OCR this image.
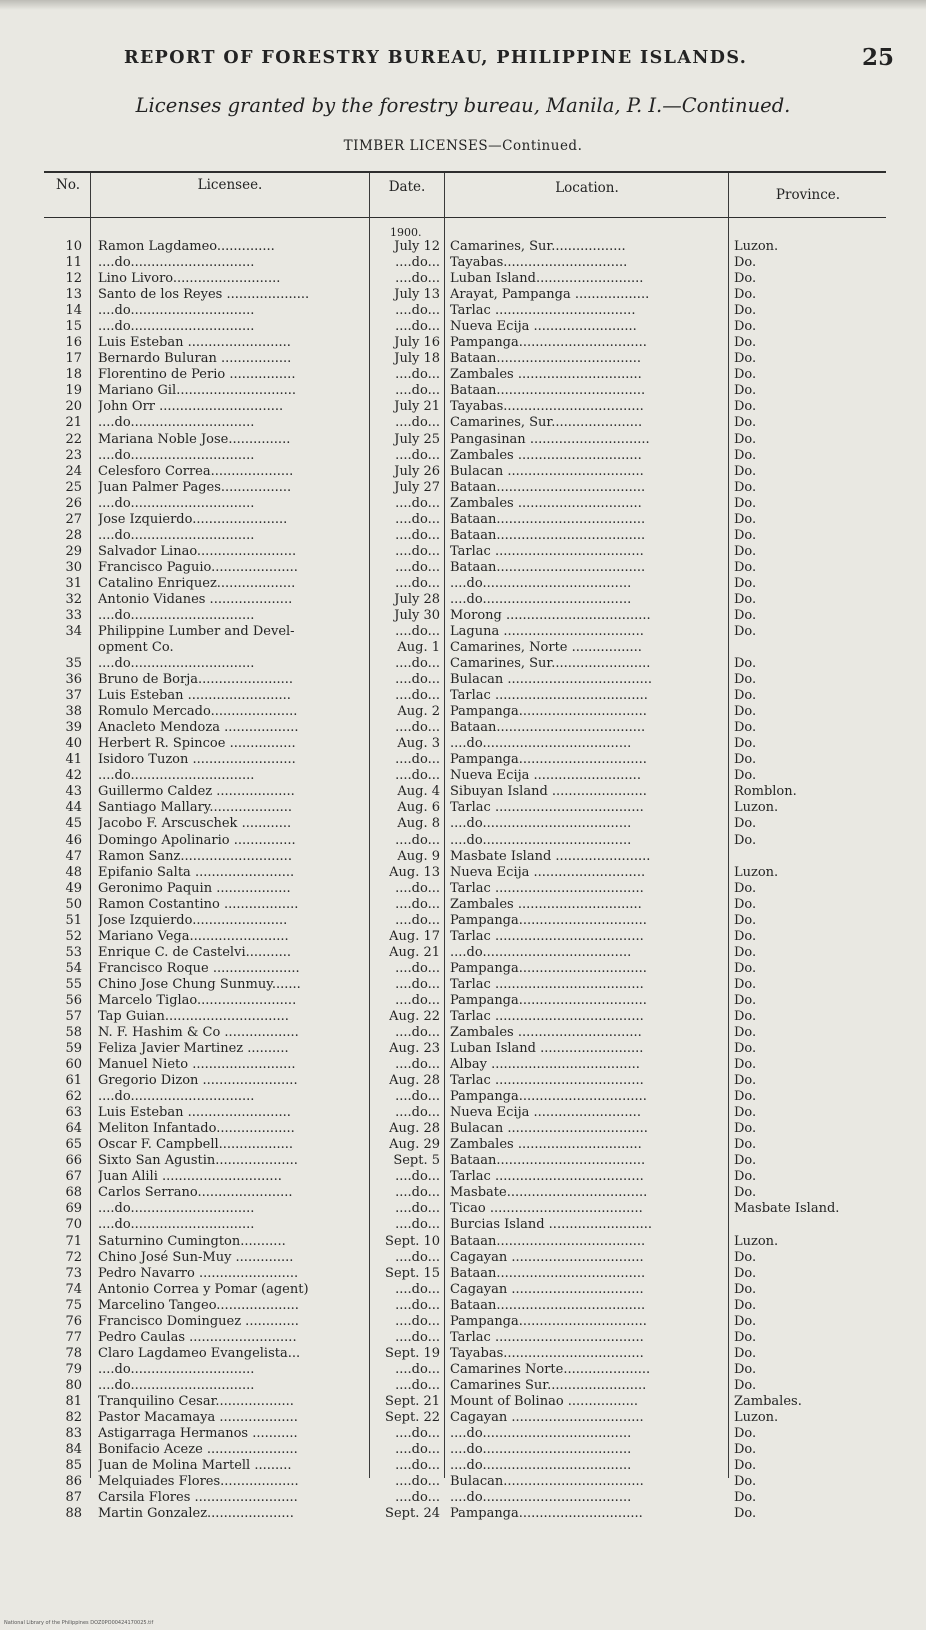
REPORT OF FORESTRY BUREAU, PHILIPPINE ISLANDS.	25
Licenses granted by the forestry bureau, Manila, P. I.—Continued.
TIMBER LICENSES—Continued.
No.	Licensee.	Date.	Location.	Province.
1900.
10 Ramon Lagdameo..............	July 12 Camarines, Sur..................	Luzon.
11 ....do..............................	....do... Tayabas..............................	Do.
12 Lino Livoro..........................	....do... Luban Island..........................	Do.
13 Santo de los Reyes ....................	July 13 Arayat, Pampanga ..................	Do.
14 ....do..............................	....do... Tarlac ..................................	Do.
15 ....do..............................	....do... Nueva Ecija .........................	Do.
16 Luis Esteban .........................	July 16 Pampanga...............................	Do.
17 Bernardo Buluran .................	July 18 Bataan...................................	Do.
18 Florentino de Perio ................	....do... Zambales ..............................	Do.
19 Mariano Gil.............................	....do... Bataan....................................	Do.
20 John Orr ..............................	July 21 Tayabas..................................	Do.
21 ....do..............................	....do... Camarines, Sur......................	Do.
22 Mariana Noble Jose...............	July 25 Pangasinan .............................	Do.
23 ....do..............................	....do... Zambales ..............................	Do.
24 Celesforo Correa....................	July 26 Bulacan .................................	Do.
25 Juan Palmer Pages.................	July 27 Bataan....................................	Do.
26 ....do..............................	....do... Zambales ..............................	Do.
27 Jose Izquierdo.......................	....do... Bataan....................................	Do.
28 ....do..............................	....do... Bataan....................................	Do.
29 Salvador Linao........................	....do... Tarlac ....................................	Do.
30 Francisco Paguio.....................	....do... Bataan....................................	Do.
31 Catalino Enriquez...................	....do... ....do....................................	Do.
32 Antonio Vidanes ....................	July 28 ....do....................................	Do.
33 ....do..............................	July 30 Morong ...................................	Do.
34 Philippine Lumber and Devel-	....do... Laguna ..................................	Do.
opment Co.	Aug. 1 Camarines, Norte .................
35 ....do..............................	....do... Camarines, Sur........................	Do.
36 Bruno de Borja.......................	....do... Bulacan ...................................	Do.
37 Luis Esteban .........................	....do... Tarlac .....................................	Do.
38 Romulo Mercado.....................	Aug. 2 Pampanga...............................	Do.
39 Anacleto Mendoza ..................	....do... Bataan....................................	Do.
40 Herbert R. Spincoe ................	Aug. 3 ....do....................................	Do.
41 Isidoro Tuzon .........................	....do... Pampanga...............................	Do.
42 ....do..............................	....do... Nueva Ecija ..........................	Do.
43 Guillermo Caldez ...................	Aug. 4 Sibuyan Island .......................	Romblon.
44 Santiago Mallary....................	Aug. 6 Tarlac ....................................	Luzon.
45 Jacobo F. Arscuschek ............	Aug. 8 ....do....................................	Do.
46 Domingo Apolinario ...............	....do... ....do....................................	Do.
47 Ramon Sanz...........................	Aug. 9 Masbate Island .......................
48 Epifanio Salta ........................	Aug. 13 Nueva Ecija ...........................	Luzon.
49 Geronimo Paquin ..................	....do... Tarlac ....................................	Do.
50 Ramon Costantino ..................	....do... Zambales ..............................	Do.
51 Jose Izquierdo.......................	....do... Pampanga...............................	Do.
52 Mariano Vega........................	Aug. 17 Tarlac ....................................	Do.
53 Enrique C. de Castelvi...........	Aug. 21 ....do....................................	Do.
54 Francisco Roque .....................	....do... Pampanga...............................	Do.
55 Chino Jose Chung Sunmuy.......	....do... Tarlac ....................................	Do.
56 Marcelo Tiglao........................	....do... Pampanga...............................	Do.
57 Tap Guian..............................	Aug. 22 Tarlac ....................................	Do.
58 N. F. Hashim & Co ..................	....do... Zambales ..............................	Do.
59 Feliza Javier Martinez ..........	Aug. 23 Luban Island .........................	Do.
60 Manuel Nieto .........................	....do... Albay ....................................	Do.
61 Gregorio Dizon .......................	Aug. 28 Tarlac ....................................	Do.
62 ....do..............................	....do... Pampanga...............................	Do.
63 Luis Esteban .........................	....do... Nueva Ecija ..........................	Do.
64 Meliton Infantado...................	Aug. 28 Bulacan ..................................	Do.
65 Oscar F. Campbell..................	Aug. 29 Zambales ..............................	Do.
66 Sixto San Agustin....................	Sept. 5 Bataan....................................	Do.
67 Juan Alili .............................	....do... Tarlac ....................................	Do.
68 Carlos Serrano.......................	....do... Masbate..................................	Do.
69 ....do..............................	....do... Ticao .....................................	Masbate Island.
70 ....do..............................	....do... Burcias Island .........................
71 Saturnino Cumington...........	Sept. 10 Bataan....................................	Luzon.
72 Chino José Sun-Muy ..............	....do... Cagayan ................................	Do.
73 Pedro Navarro ........................	Sept. 15 Bataan....................................	Do.
74 Antonio Correa y Pomar (agent)	....do... Cagayan ................................	Do.
75 Marcelino Tangeo....................	....do... Bataan....................................	Do.
76 Francisco Dominguez .............	....do... Pampanga...............................	Do.
77 Pedro Caulas ..........................	....do... Tarlac ....................................	Do.
78 Claro Lagdameo Evangelista...	Sept. 19 Tayabas..................................	Do.
79 ....do..............................	....do... Camarines Norte.....................	Do.
80 ....do..............................	....do... Camarines Sur........................	Do.
81 Tranquilino Cesar...................	Sept. 21 Mount of Bolinao .................	Zambales.
82 Pastor Macamaya ...................	Sept. 22 Cagayan ................................	Luzon.
83 Astigarraga Hermanos ...........	....do... ....do....................................	Do.
84 Bonifacio Aceze ......................	....do... ....do....................................	Do.
85 Juan de Molina Martell .........	....do... ....do....................................	Do.
86 Melquiades Flores...................	....do... Bulacan..................................	Do.
87 Carsila Flores .........................	....do... ....do....................................	Do.
88 Martin Gonzalez.....................	Sept. 24 Pampanga..............................	Do.
National Library of the Philippines DOZ0PO00424170025.tif
